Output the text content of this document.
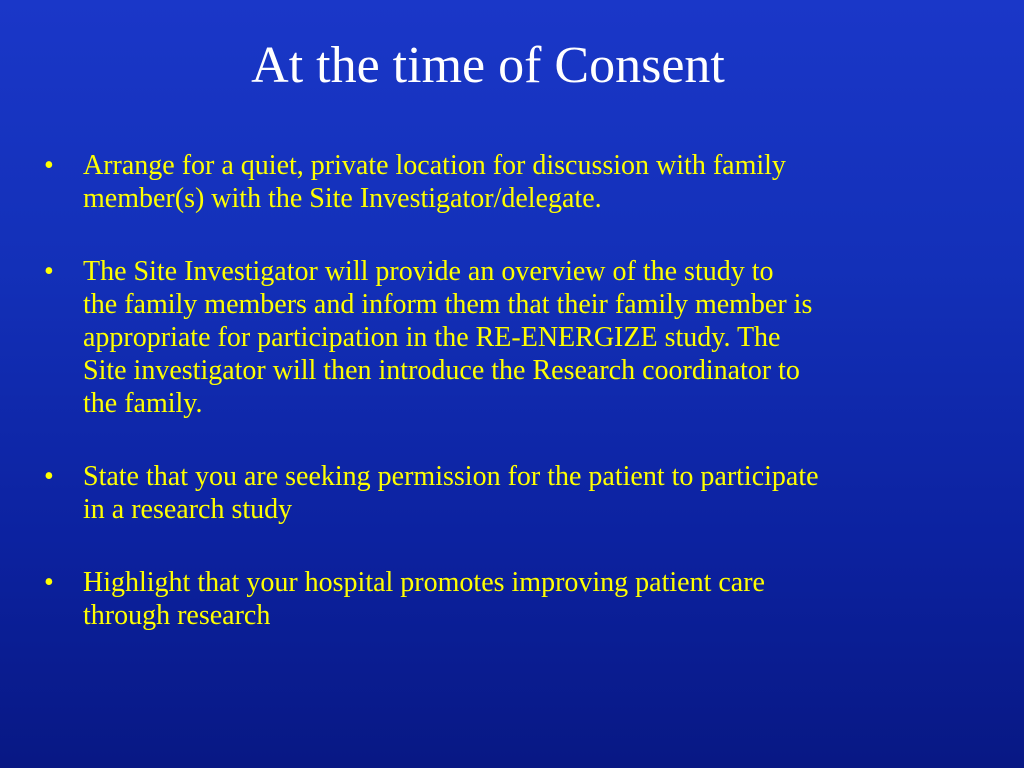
At the time of Consent
• Arrange for a quiet, private location for discussion with family
member(s) with the Site Investigator/delegate.
• The Site Investigator will provide an overview of the study to
the family members and inform them that their family member is
appropriate for participation in the RE-ENERGIZE study. The
Site investigator will then introduce the Research coordinator to
the family.
• State that you are seeking permission for the patient to participate
in a research study
• Highlight that your hospital promotes improving patient care
through research
